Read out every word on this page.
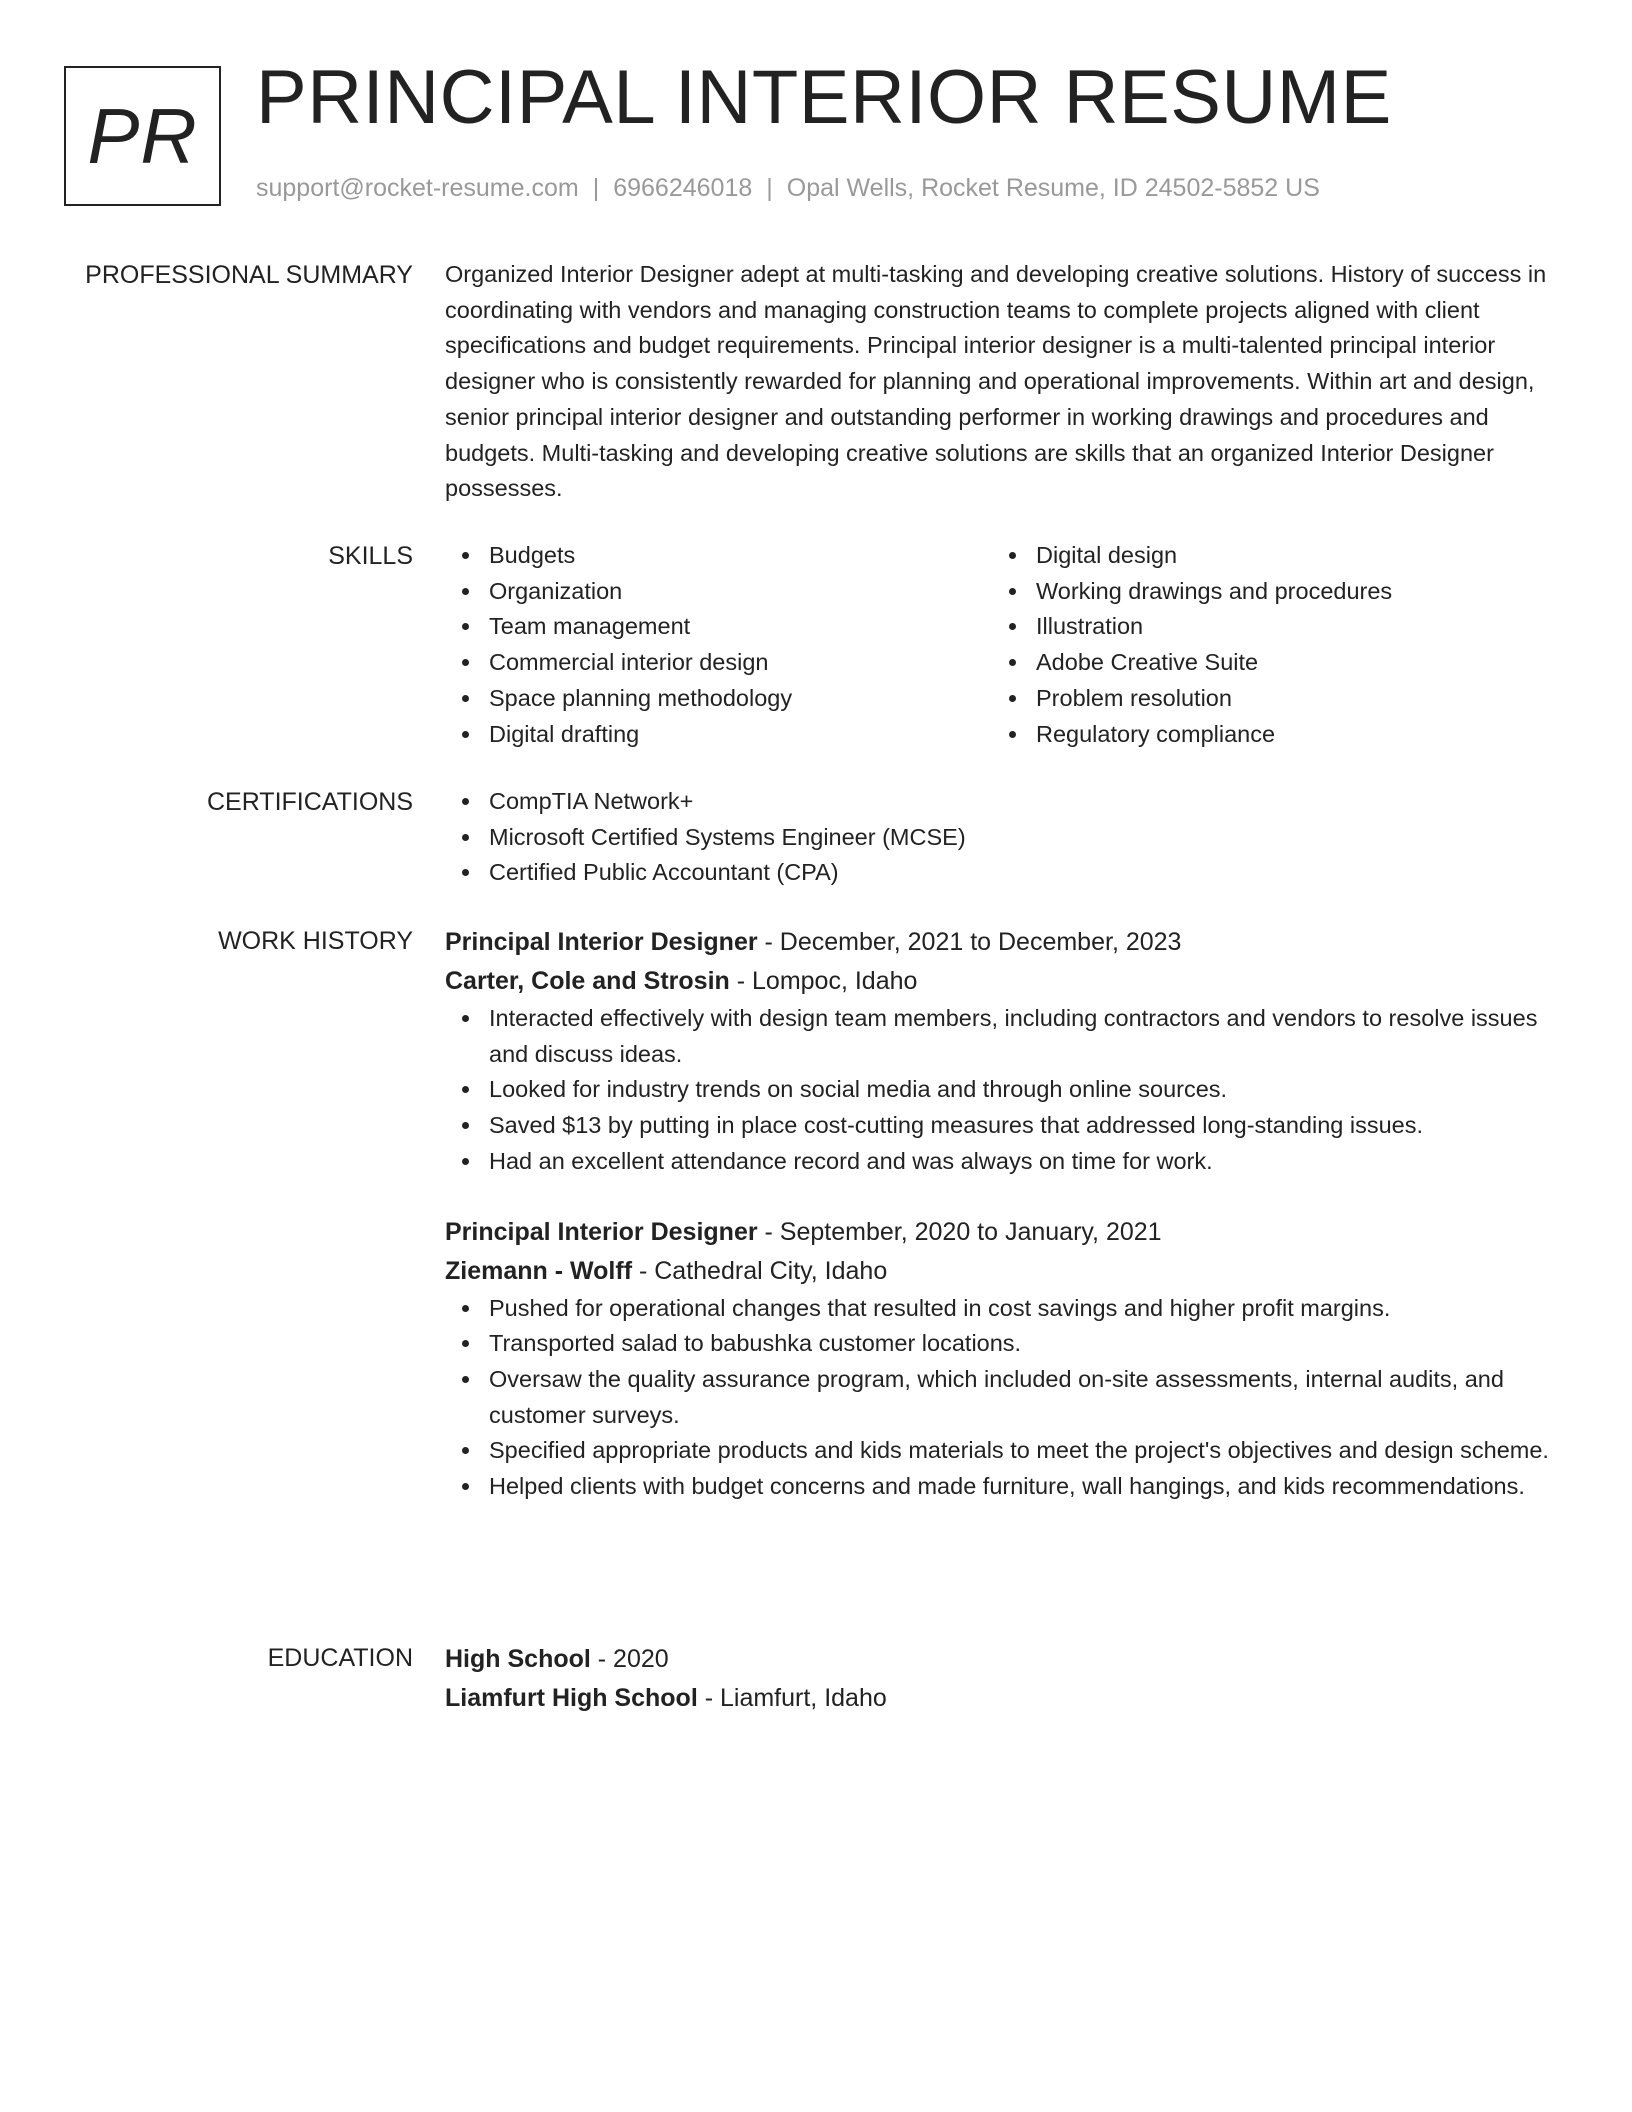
PR PRINCIPAL INTERIOR RESUME
support@rocket-resume.com | 6966246018 | Opal Wells, Rocket Resume, ID 24502-5852 US
PROFESSIONAL SUMMARY Organized Interior Designer adept at multi-tasking and developing creative solutions. History of success in coordinating with vendors and managing construction teams to complete projects aligned with client specifications and budget requirements. Principal interior designer is a multi-talented principal interior designer who is consistently rewarded for planning and operational improvements. Within art and design, senior principal interior designer and outstanding performer in working drawings and procedures and budgets. Multi-tasking and developing creative solutions are skills that an organized Interior Designer possesses.

SKILLS	Budgets
Organization
Team management
Commercial interior design
Space planning methodology
Digital drafting
Digital design
Working drawings and procedures
Illustration
Adobe Creative Suite
Problem resolution
Regulatory compliance
CERTIFICATIONS	CompTIA Network+
Microsoft Certified Systems Engineer (MCSE)
Certified Public Accountant (CPA)
WORK HISTORY Principal Interior Designer - December, 2021 to December, 2023
Carter, Cole and Strosin - Lompoc, Idaho
Interacted effectively with design team members, including contractors and vendors to resolve issues and discuss ideas.
Looked for industry trends on social media and through online sources.
Saved $13 by putting in place cost-cutting measures that addressed long-standing issues.
Had an excellent attendance record and was always on time for work.
Principal Interior Designer - September, 2020 to January, 2021
Ziemann - Wolff - Cathedral City, Idaho
Pushed for operational changes that resulted in cost savings and higher profit margins.
Transported salad to babushka customer locations.
Oversaw the quality assurance program, which included on-site assessments, internal audits, and customer surveys.
Specified appropriate products and kids materials to meet the project's objectives and design scheme.
Helped clients with budget concerns and made furniture, wall hangings, and kids recommendations.
EDUCATION High School - 2020
Liamfurt High School - Liamfurt, Idaho
